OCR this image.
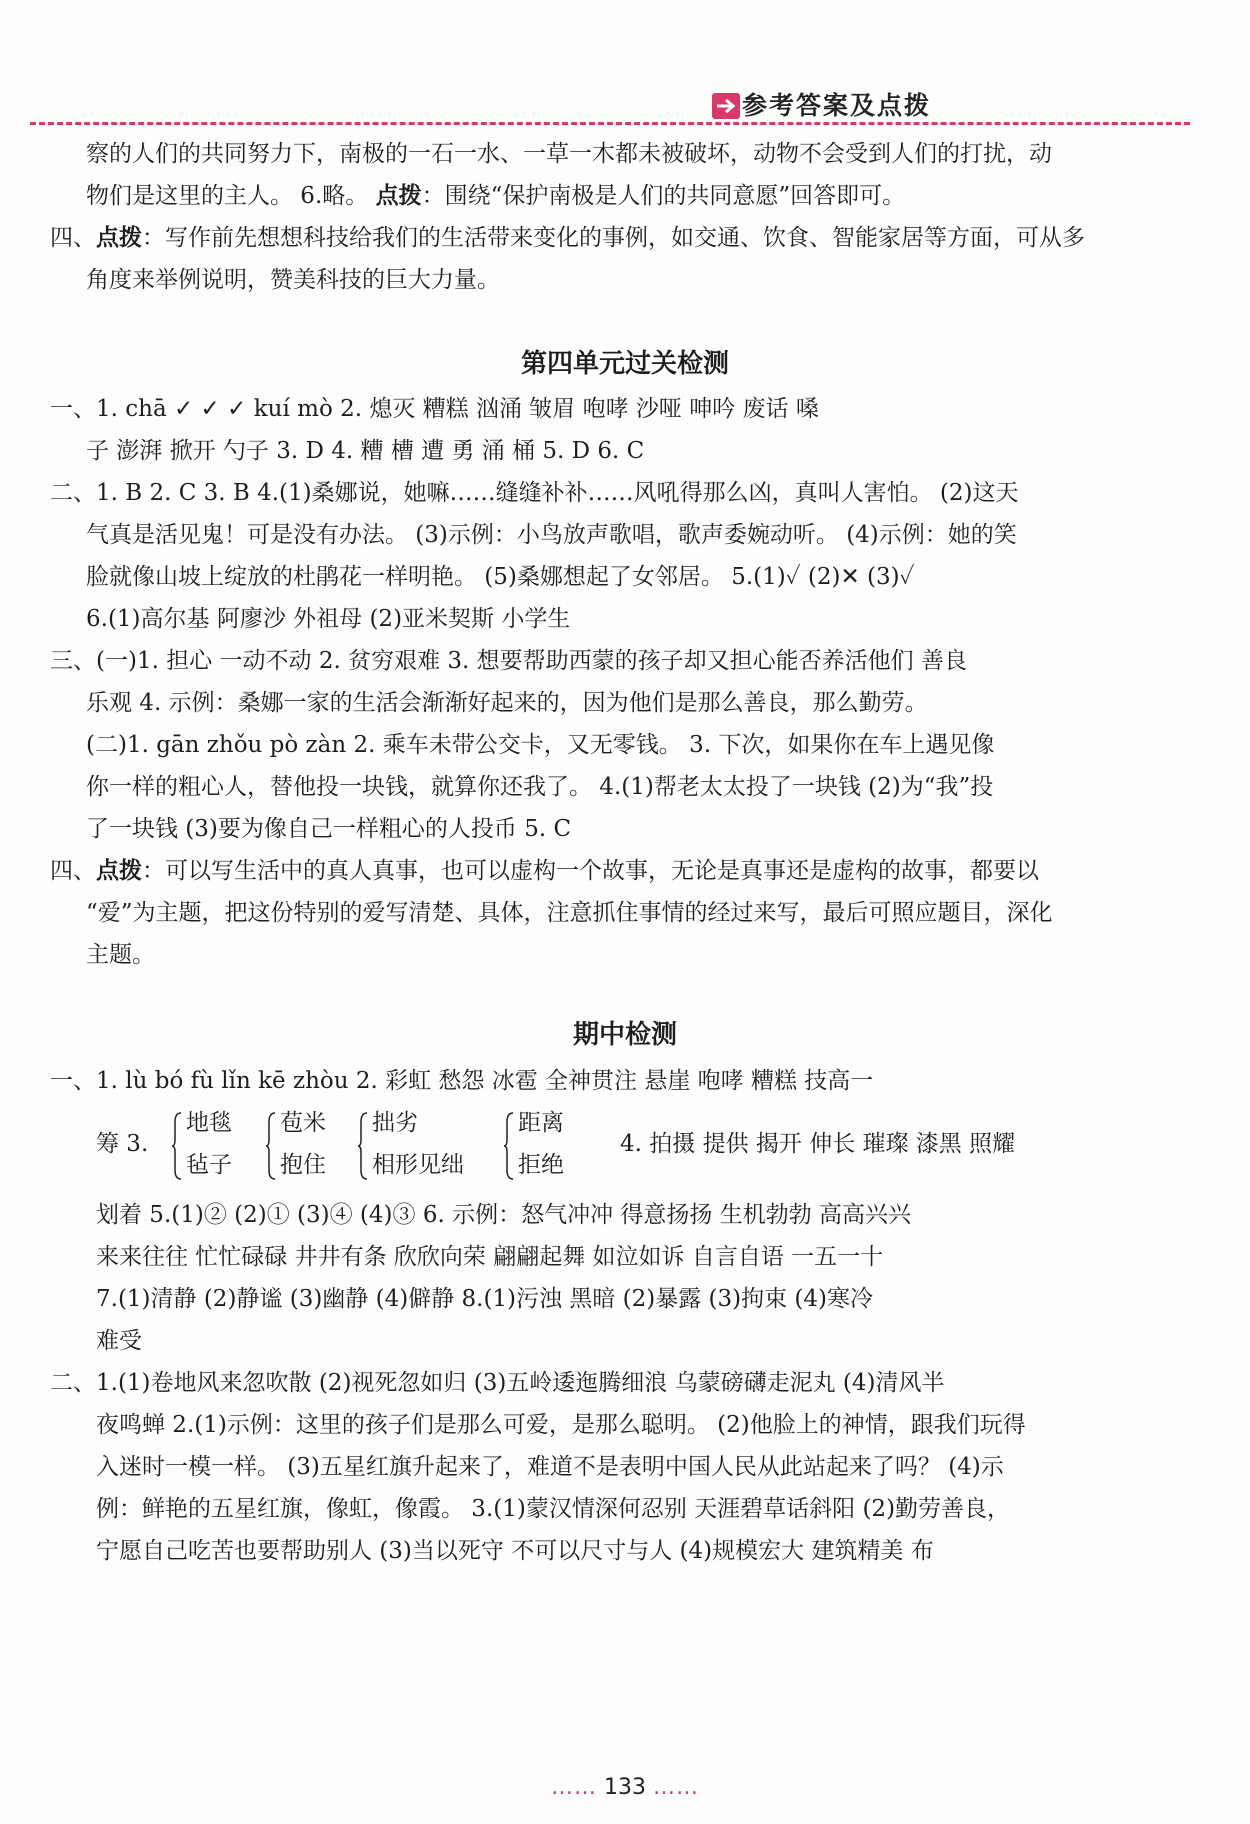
参考答案及点拨
察的人们的共同努力下，南极的一石一水、一草一木都未被破坏，动物不会受到人们的打扰，动
物们是这里的主人。 6.略。 点拨：围绕“保护南极是人们的共同意愿”回答即可。
四、点拨：写作前先想想科技给我们的生活带来变化的事例，如交通、饮食、智能家居等方面，可从多
角度来举例说明，赞美科技的巨大力量。
第四单元过关检测
一、1. chā ✓ ✓ ✓ kuí mò 2. 熄灭 糟糕 汹涌 皱眉 咆哮 沙哑 呻吟 废话 嗓
子 澎湃 掀开 勺子 3. D 4. 糟 槽 遭 勇 涌 桶 5. D 6. C
二、1. B 2. C 3. B 4.(1)桑娜说，她嘛……缝缝补补……风吼得那么凶，真叫人害怕。 (2)这天
气真是活见鬼！可是没有办法。 (3)示例：小鸟放声歌唱，歌声委婉动听。 (4)示例：她的笑
脸就像山坡上绽放的杜鹃花一样明艳。 (5)桑娜想起了女邻居。 5.(1)✓ (2)✕ (3)✓
6.(1)高尔基 阿廖沙 外祖母 (2)亚米契斯 小学生
三、(一)1. 担心 一动不动 2. 贫穷艰难 3. 想要帮助西蒙的孩子却又担心能否养活他们 善良
乐观 4. 示例：桑娜一家的生活会渐渐好起来的，因为他们是那么善良，那么勤劳。
(二)1. gān zhǒu pò zàn 2. 乘车未带公交卡，又无零钱。 3. 下次，如果你在车上遇见像
你一样的粗心人，替他投一块钱，就算你还我了。 4.(1)帮老太太投了一块钱 (2)为“我”投
了一块钱 (3)要为像自己一样粗心的人投币 5. C
四、点拨：可以写生活中的真人真事，也可以虚构一个故事，无论是真事还是虚构的故事，都要以
“爱”为主题，把这份特别的爱写清楚、具体，注意抓住事情的经过来写，最后可照应题目，深化
主题。
期中检测
一、1. lù bó fù lǐn kē zhòu 2. 彩虹 愁怨 冰雹 全神贯注 悬崖 咆哮 糟糕 技高一
筹 3.
地毯
毡子
苞米
抱住
拙劣
相形见绌
距离
拒绝
4. 拍摄 提供 揭开 伸长 璀璨 漆黑 照耀
划着 5.(1)② (2)① (3)④ (4)③ 6. 示例：怒气冲冲 得意扬扬 生机勃勃 高高兴兴
来来往往 忙忙碌碌 井井有条 欣欣向荣 翩翩起舞 如泣如诉 自言自语 一五一十
7.(1)清静 (2)静谧 (3)幽静 (4)僻静 8.(1)污浊 黑暗 (2)暴露 (3)拘束 (4)寒冷
难受
二、1.(1)卷地风来忽吹散 (2)视死忽如归 (3)五岭逶迤腾细浪 乌蒙磅礴走泥丸 (4)清风半
夜鸣蝉 2.(1)示例：这里的孩子们是那么可爱，是那么聪明。 (2)他脸上的神情，跟我们玩得
入迷时一模一样。 (3)五星红旗升起来了，难道不是表明中国人民从此站起来了吗？ (4)示
例：鲜艳的五星红旗，像虹，像霞。 3.(1)蒙汉情深何忍别 天涯碧草话斜阳 (2)勤劳善良，
宁愿自己吃苦也要帮助别人 (3)当以死守 不可以尺寸与人 (4)规模宏大 建筑精美 布
…… 133 ……
